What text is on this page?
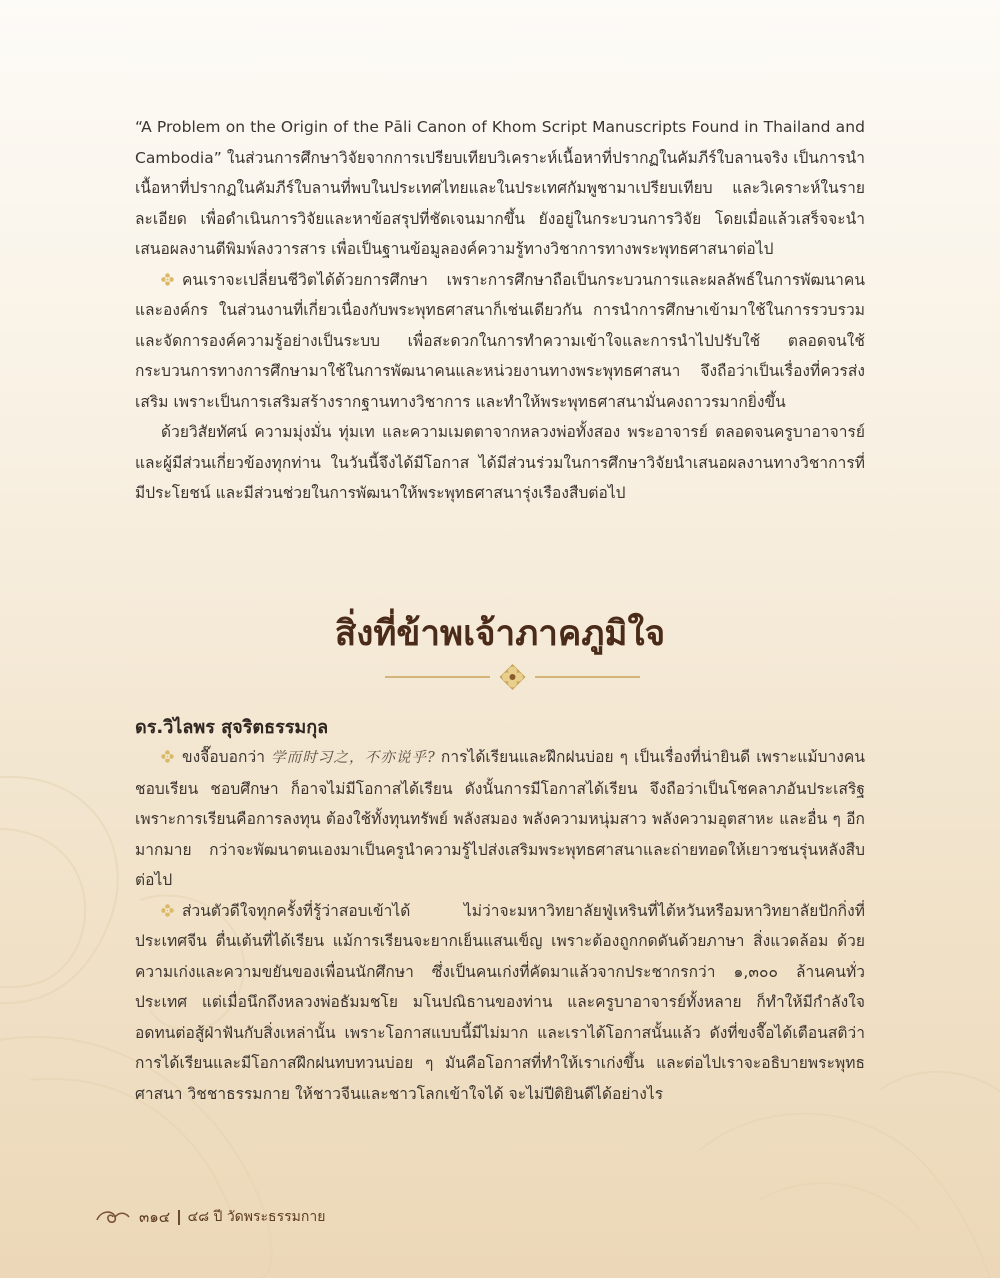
“A Problem on the Origin of the Pāli Canon of Khom Script Manuscripts Found in Thailand and Cambodia” ในส่วนการศึกษาวิจัยจากการเปรียบเทียบวิเคราะห์เนื้อหาที่ปรากฏในคัมภีร์ใบลานจริง เป็นการนำเนื้อหาที่ปรากฏในคัมภีร์ใบลานที่พบในประเทศไทยและในประเทศกัมพูชามาเปรียบเทียบ และวิเคราะห์ในรายละเอียด เพื่อดำเนินการวิจัยและหาข้อสรุปที่ชัดเจนมากขึ้น ยังอยู่ในกระบวนการวิจัย โดยเมื่อแล้วเสร็จจะนำเสนอผลงานตีพิมพ์ลงวารสาร เพื่อเป็นฐานข้อมูลองค์ความรู้ทางวิชาการทางพระพุทธศาสนาต่อไป

คนเราจะเปลี่ยนชีวิตได้ด้วยการศึกษา เพราะการศึกษาถือเป็นกระบวนการและผลลัพธ์ในการพัฒนาคนและองค์กร ในส่วนงานที่เกี่ยวเนื่องกับพระพุทธศาสนาก็เช่นเดียวกัน การนำการศึกษาเข้ามาใช้ในการรวบรวมและจัดการองค์ความรู้อย่างเป็นระบบ เพื่อสะดวกในการทำความเข้าใจและการนำไปปรับใช้ ตลอดจนใช้กระบวนการทางการศึกษามาใช้ในการพัฒนาคนและหน่วยงานทางพระพุทธศาสนา จึงถือว่าเป็นเรื่องที่ควรส่งเสริม เพราะเป็นการเสริมสร้างรากฐานทางวิชาการ และทำให้พระพุทธศาสนามั่นคงถาวรมากยิ่งขึ้น

ด้วยวิสัยทัศน์ ความมุ่งมั่น ทุ่มเท และความเมตตาจากหลวงพ่อทั้งสอง พระอาจารย์ ตลอดจนครูบาอาจารย์ และผู้มีส่วนเกี่ยวข้องทุกท่าน ในวันนี้จึงได้มีโอกาส ได้มีส่วนร่วมในการศึกษาวิจัยนำเสนอผลงานทางวิชาการที่มีประโยชน์ และมีส่วนช่วยในการพัฒนาให้พระพุทธศาสนารุ่งเรืองสืบต่อไป

สิ่งที่ข้าพเจ้าภาคภูมิใจ

ดร.วิไลพร สุจริตธรรมกุล

ขงจื๊อบอกว่า 学而时习之，不亦说乎? การได้เรียนและฝึกฝนบ่อย ๆ เป็นเรื่องที่น่ายินดี เพราะแม้บางคนชอบเรียน ชอบศึกษา ก็อาจไม่มีโอกาสได้เรียน ดังนั้นการมีโอกาสได้เรียน จึงถือว่าเป็นโชคลาภอันประเสริฐ เพราะการเรียนคือการลงทุน ต้องใช้ทั้งทุนทรัพย์ พลังสมอง พลังความหนุ่มสาว พลังความอุตสาหะ และอื่น ๆ อีกมากมาย กว่าจะพัฒนาตนเองมาเป็นครูนำความรู้ไปส่งเสริมพระพุทธศาสนาและถ่ายทอดให้เยาวชนรุ่นหลังสืบต่อไป

ส่วนตัวดีใจทุกครั้งที่รู้ว่าสอบเข้าได้ ไม่ว่าจะมหาวิทยาลัยฟู่เหรินที่ไต้หวันหรือมหาวิทยาลัยปักกิ่งที่ประเทศจีน ตื่นเต้นที่ได้เรียน แม้การเรียนจะยากเย็นแสนเข็ญ เพราะต้องถูกกดดันด้วยภาษา สิ่งแวดล้อม ด้วยความเก่งและความขยันของเพื่อนนักศึกษา ซึ่งเป็นคนเก่งที่คัดมาแล้วจากประชากรกว่า ๑,๓๐๐ ล้านคนทั่วประเทศ แต่เมื่อนึกถึงหลวงพ่อธัมมชโย มโนปณิธานของท่าน และครูบาอาจารย์ทั้งหลาย ก็ทำให้มีกำลังใจอดทนต่อสู้ฝ่าฟันกับสิ่งเหล่านั้น เพราะโอกาสแบบนี้มีไม่มาก และเราได้โอกาสนั้นแล้ว ดังที่ขงจื๊อได้เตือนสติว่า การได้เรียนและมีโอกาสฝึกฝนทบทวนบ่อย ๆ มันคือโอกาสที่ทำให้เราเก่งขึ้น และต่อไปเราจะอธิบายพระพุทธศาสนา วิชชาธรรมกาย ให้ชาวจีนและชาวโลกเข้าใจได้ จะไม่ปีติยินดีได้อย่างไร

๓๑๔ ๔๘ ปี วัดพระธรรมกาย
